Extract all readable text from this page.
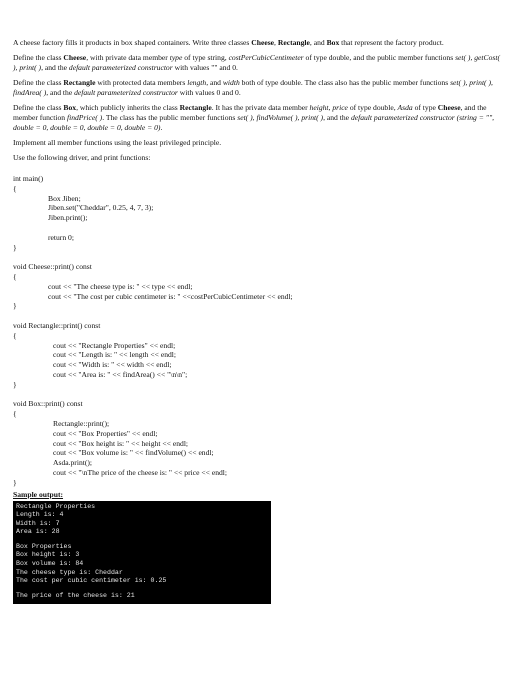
A cheese factory fills it products in box shaped containers. Write three classes Cheese, Rectangle, and Box that represent the factory product.

Define the class Cheese, with private data member type of type string, costPerCubicCentimeter of type double, and the public member functions set( ), getCost( ), print( ), and the default parameterized constructor with values "" and 0.

Define the class Rectangle with protected data members length, and width both of type double. The class also has the public member functions set( ), print( ), findArea( ), and the default parameterized constructor with values 0 and 0.

Define the class Box, which publicly inherits the class Rectangle. It has the private data member height, price of type double, Asda of type Cheese, and the member function findPrice( ). The class has the public member functions set( ), findVolume( ), print( ), and the default parameterized constructor (string = "", double = 0, double = 0, double = 0, double = 0).

Implement all member functions using the least privileged principle.

Use the following driver, and print functions:

int main()
{
Box Jiben;
Jiben.set("Cheddar", 0.25, 4, 7, 3);
Jiben.print();
return 0;
}
void Cheese::print() const
{
cout << "The cheese type is: " << type << endl;
cout << "The cost per cubic centimeter is: " <<costPerCubicCentimeter << endl;
}
void Rectangle::print() const
{
cout << "Rectangle Properties" << endl;
cout << "Length is: " << length << endl;
cout << "Width is: " << width << endl;
cout << "Area is: " << findArea() << "\n\n";
}
void Box::print() const
{
Rectangle::print();
cout << "Box Properties" << endl;
cout << "Box height is: " << height << endl;
cout << "Box volume is: " << findVolume() << endl;
Asda.print();
cout << "\nThe price of the cheese is: " << price << endl;
}
Sample output:
Rectangle Properties
Length is: 4
Width is: 7
Area is: 28
Box Properties
Box height is: 3
Box volume is: 84
The cheese type is: Cheddar
The cost per cubic centimeter is: 0.25
The price of the cheese is: 21
